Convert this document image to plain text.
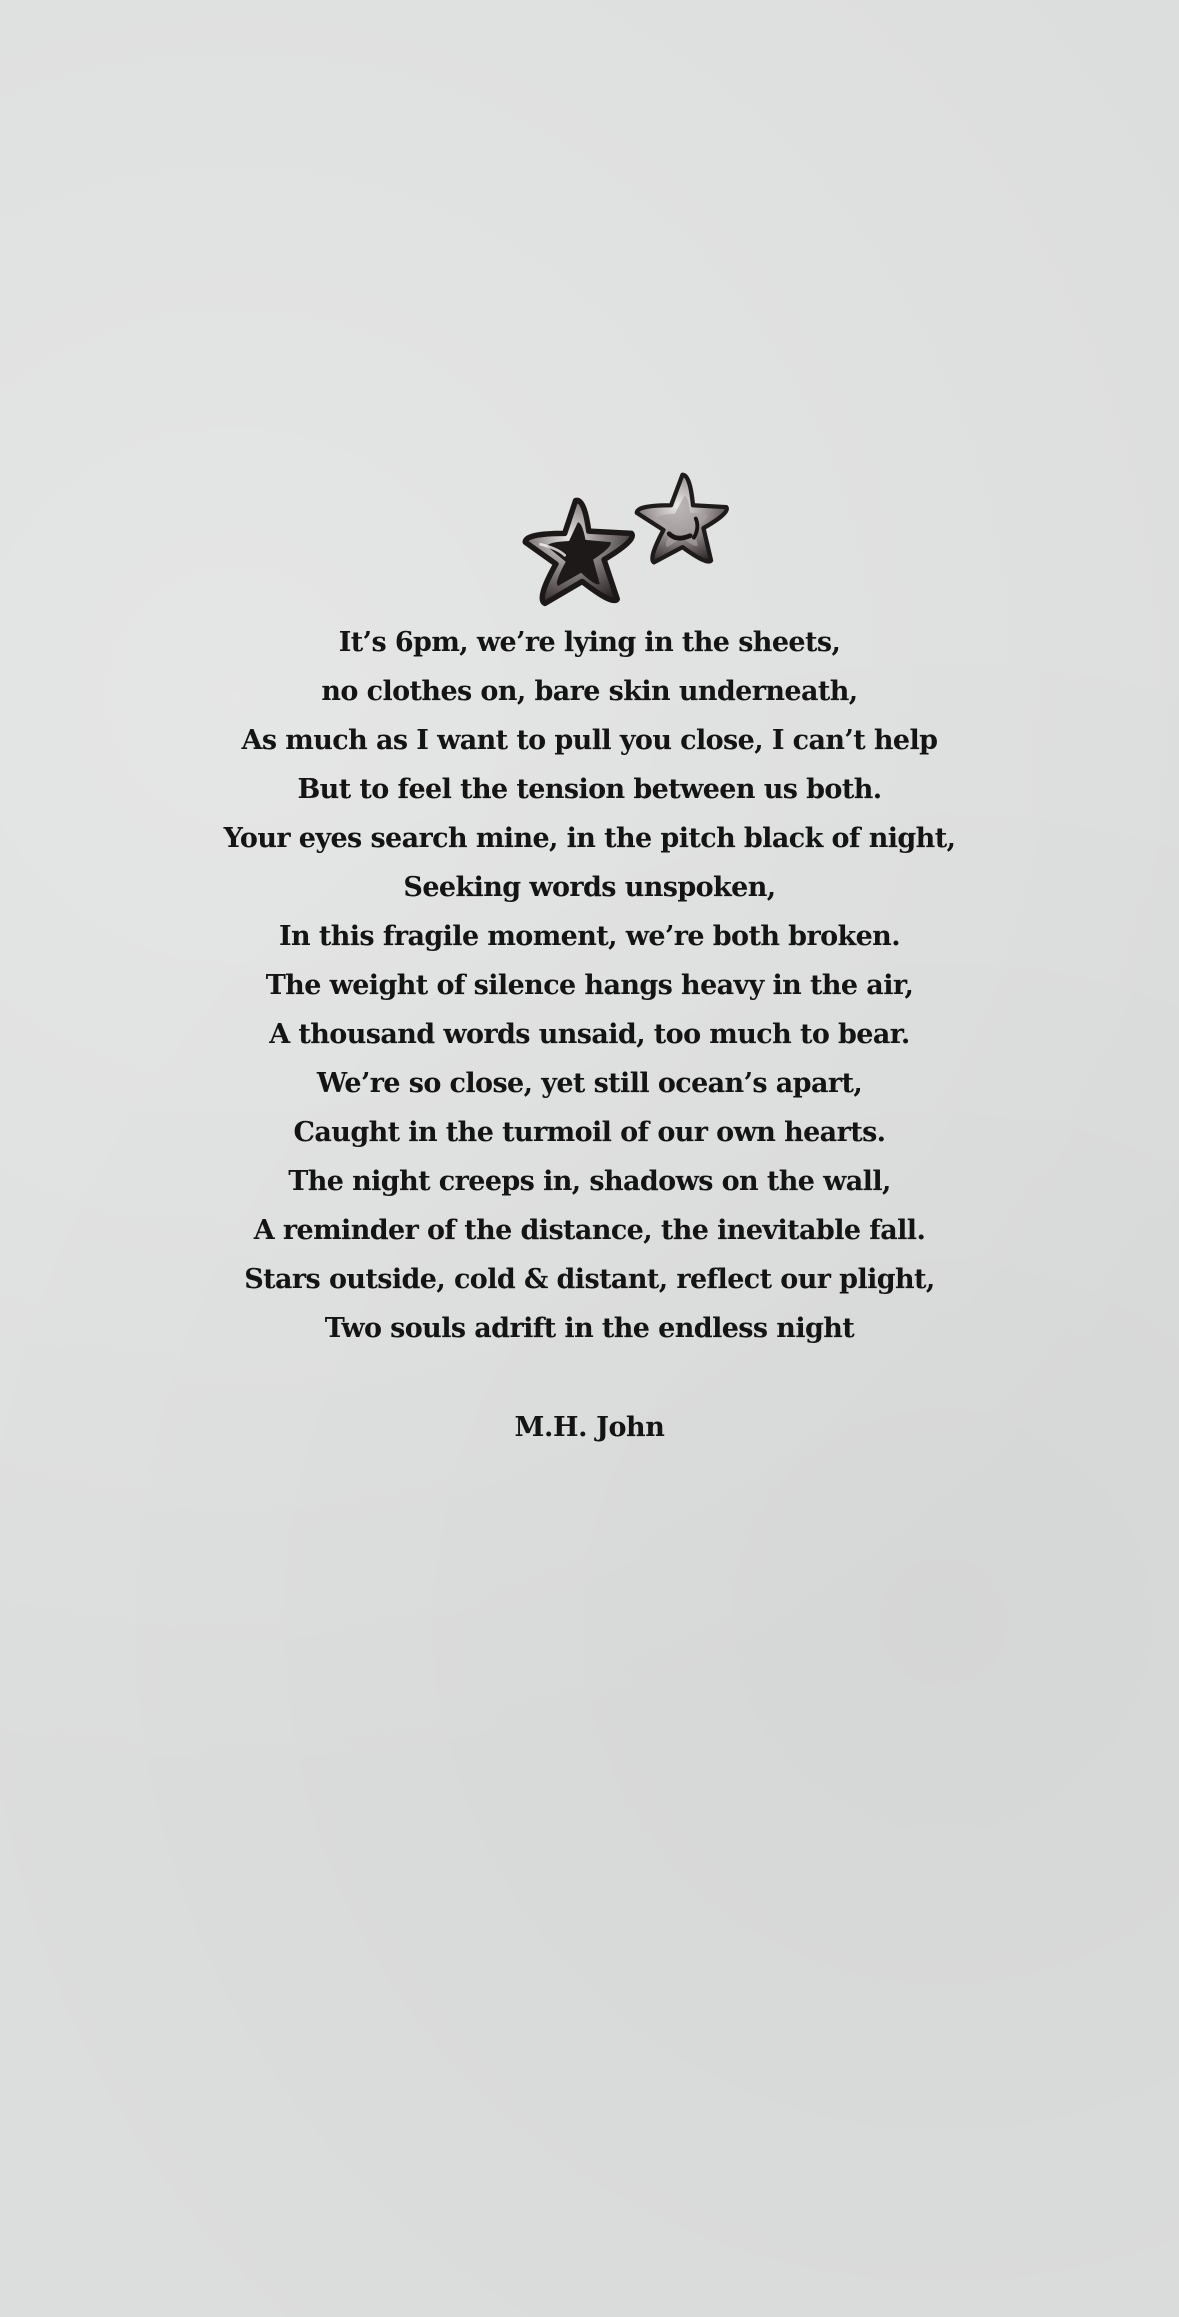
It’s 6pm, we’re lying in the sheets,
no clothes on, bare skin underneath,
As much as I want to pull you close, I can’t help
But to feel the tension between us both.
Your eyes search mine, in the pitch black of night,
Seeking words unspoken,
In this fragile moment, we’re both broken.
The weight of silence hangs heavy in the air,
A thousand words unsaid, too much to bear.
We’re so close, yet still ocean’s apart,
Caught in the turmoil of our own hearts.
The night creeps in, shadows on the wall,
A reminder of the distance, the inevitable fall.
Stars outside, cold & distant, reflect our plight,
Two souls adrift in the endless night
M.H. John
